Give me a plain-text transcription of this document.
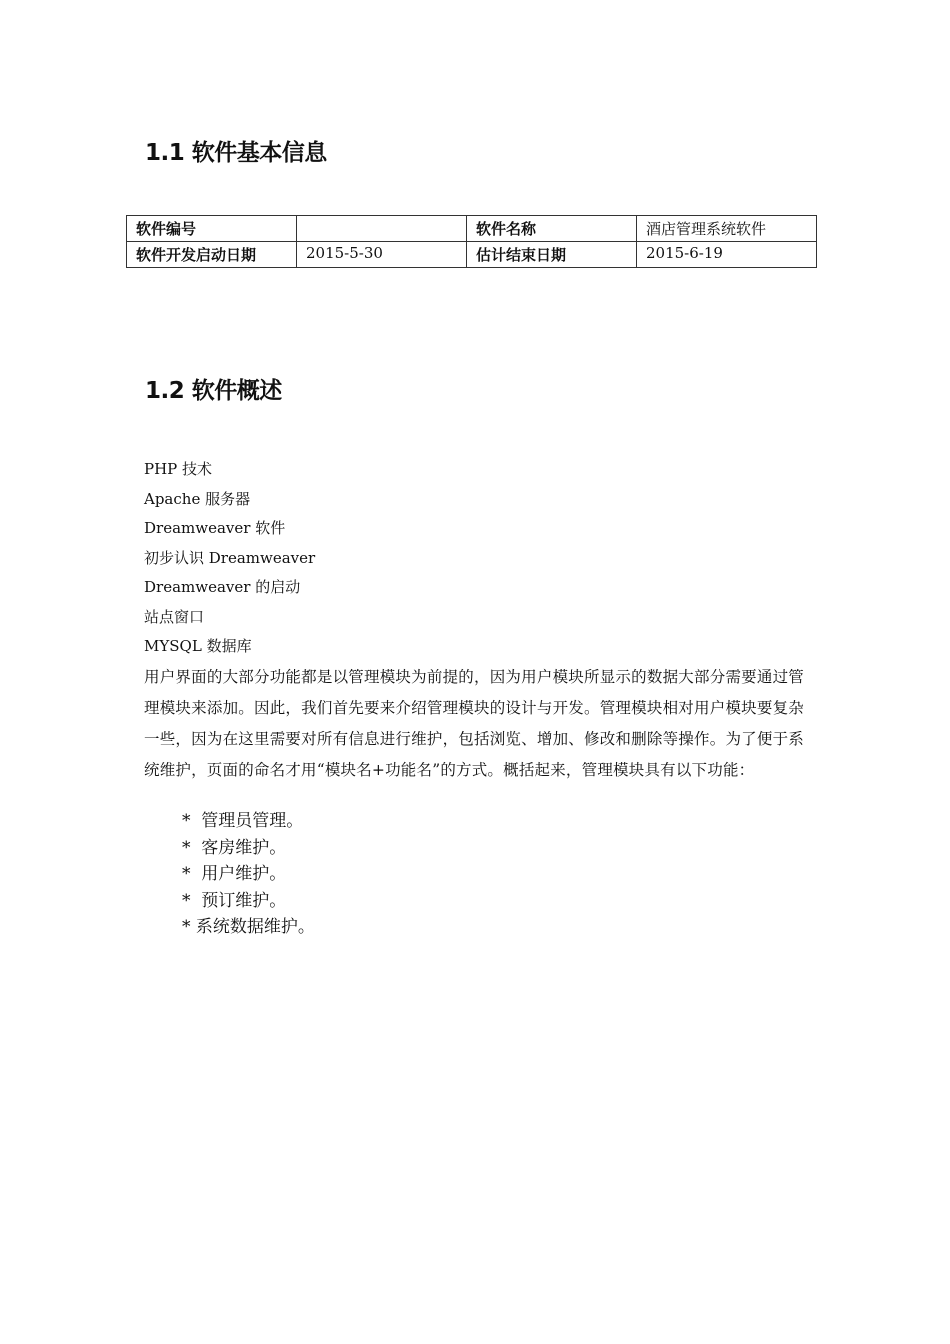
1.1 软件基本信息
软件编号		软件名称	酒店管理系统软件
软件开发启动日期	2015-5-30	估计结束日期	2015-6-19
1.2 软件概述
PHP 技术
Apache 服务器
Dreamweaver 软件
初步认识 Dreamweaver
Dreamweaver 的启动
站点窗口
MYSQL 数据库

用户界面的大部分功能都是以管理模块为前提的，因为用户模块所显示的数据大部分需要通过管理模块来添加。因此，我们首先要来介绍管理模块的设计与开发。管理模块相对用户模块要复杂一些，因为在这里需要对所有信息进行维护，包括浏览、增加、修改和删除等操作。为了便于系统维护，页面的命名才用“模块名+功能名”的方式。概括起来，管理模块具有以下功能：

*  管理员管理。
*  客房维护。
*  用户维护。
*  预订维护。
* 系统数据维护。
